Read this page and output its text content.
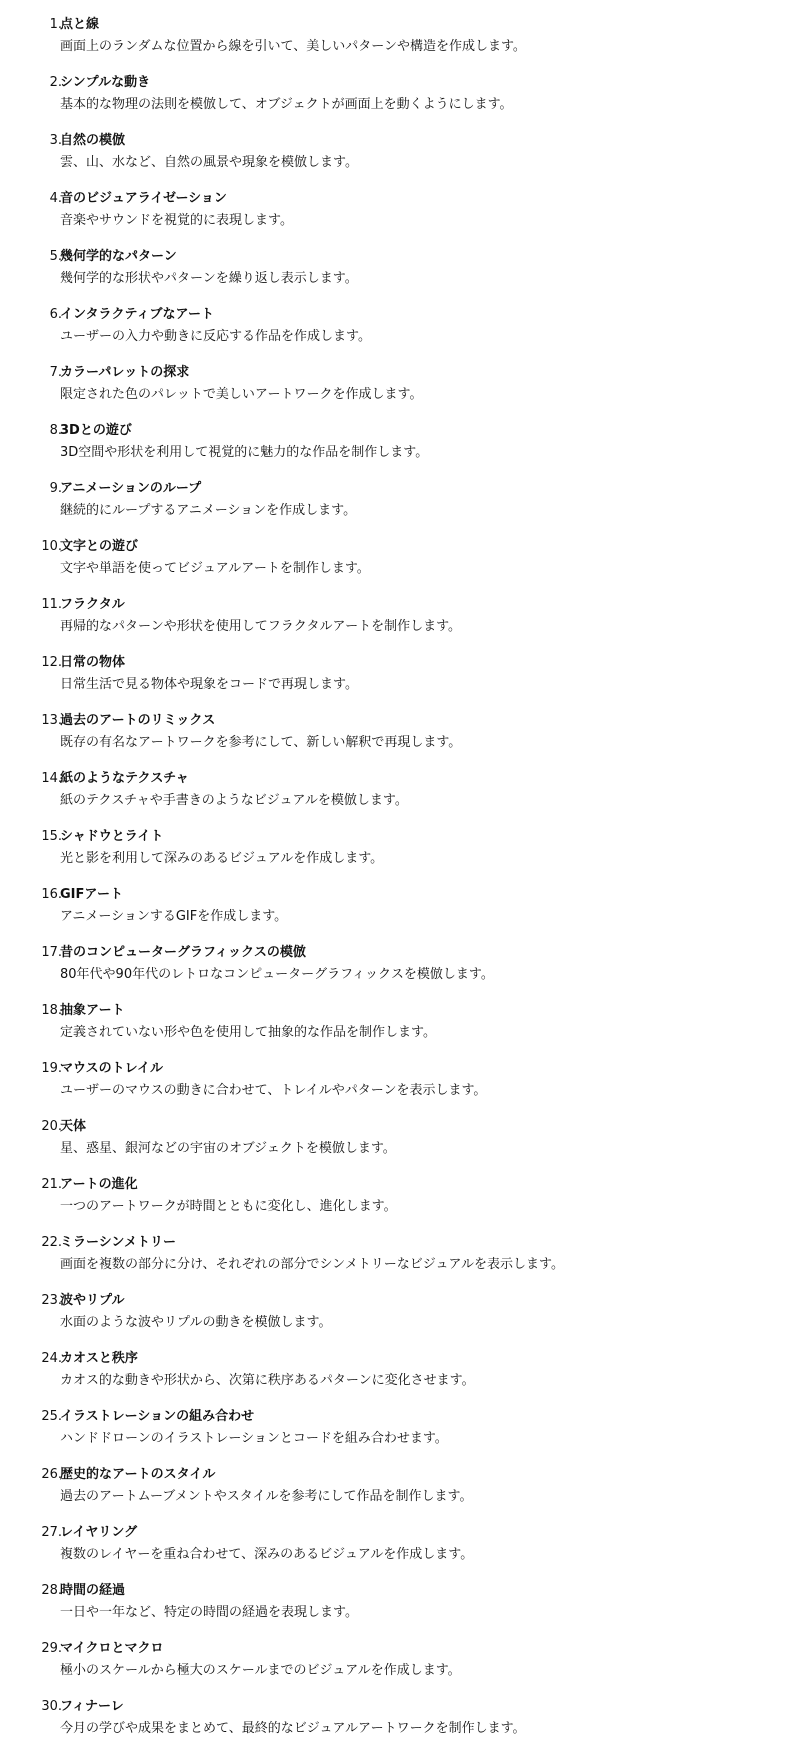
1.
点と線
画面上のランダムな位置から線を引いて、美しいパターンや構造を作成します。
2.
シンプルな動き
基本的な物理の法則を模倣して、オブジェクトが画面上を動くようにします。
3.
自然の模倣
雲、山、水など、自然の風景や現象を模倣します。
4.
音のビジュアライゼーション
音楽やサウンドを視覚的に表現します。
5.
幾何学的なパターン
幾何学的な形状やパターンを繰り返し表示します。
6.
インタラクティブなアート
ユーザーの入力や動きに反応する作品を作成します。
7.
カラーパレットの探求
限定された色のパレットで美しいアートワークを作成します。
8.
3Dとの遊び
3D空間や形状を利用して視覚的に魅力的な作品を制作します。
9.
アニメーションのループ
継続的にループするアニメーションを作成します。
10.
文字との遊び
文字や単語を使ってビジュアルアートを制作します。
11.
フラクタル
再帰的なパターンや形状を使用してフラクタルアートを制作します。
12.
日常の物体
日常生活で見る物体や現象をコードで再現します。
13.
過去のアートのリミックス
既存の有名なアートワークを参考にして、新しい解釈で再現します。
14.
紙のようなテクスチャ
紙のテクスチャや手書きのようなビジュアルを模倣します。
15.
シャドウとライト
光と影を利用して深みのあるビジュアルを作成します。
16.
GIFアート
アニメーションするGIFを作成します。
17.
昔のコンピューターグラフィックスの模倣
80年代や90年代のレトロなコンピューターグラフィックスを模倣します。
18.
抽象アート
定義されていない形や色を使用して抽象的な作品を制作します。
19.
マウスのトレイル
ユーザーのマウスの動きに合わせて、トレイルやパターンを表示します。
20.
天体
星、惑星、銀河などの宇宙のオブジェクトを模倣します。
21.
アートの進化
一つのアートワークが時間とともに変化し、進化します。
22.
ミラーシンメトリー
画面を複数の部分に分け、それぞれの部分でシンメトリーなビジュアルを表示します。
23.
波やリプル
水面のような波やリプルの動きを模倣します。
24.
カオスと秩序
カオス的な動きや形状から、次第に秩序あるパターンに変化させます。
25.
イラストレーションの組み合わせ
ハンドドローンのイラストレーションとコードを組み合わせます。
26.
歴史的なアートのスタイル
過去のアートムーブメントやスタイルを参考にして作品を制作します。
27.
レイヤリング
複数のレイヤーを重ね合わせて、深みのあるビジュアルを作成します。
28.
時間の経過
一日や一年など、特定の時間の経過を表現します。
29.
マイクロとマクロ
極小のスケールから極大のスケールまでのビジュアルを作成します。
30.
フィナーレ
今月の学びや成果をまとめて、最終的なビジュアルアートワークを制作します。
